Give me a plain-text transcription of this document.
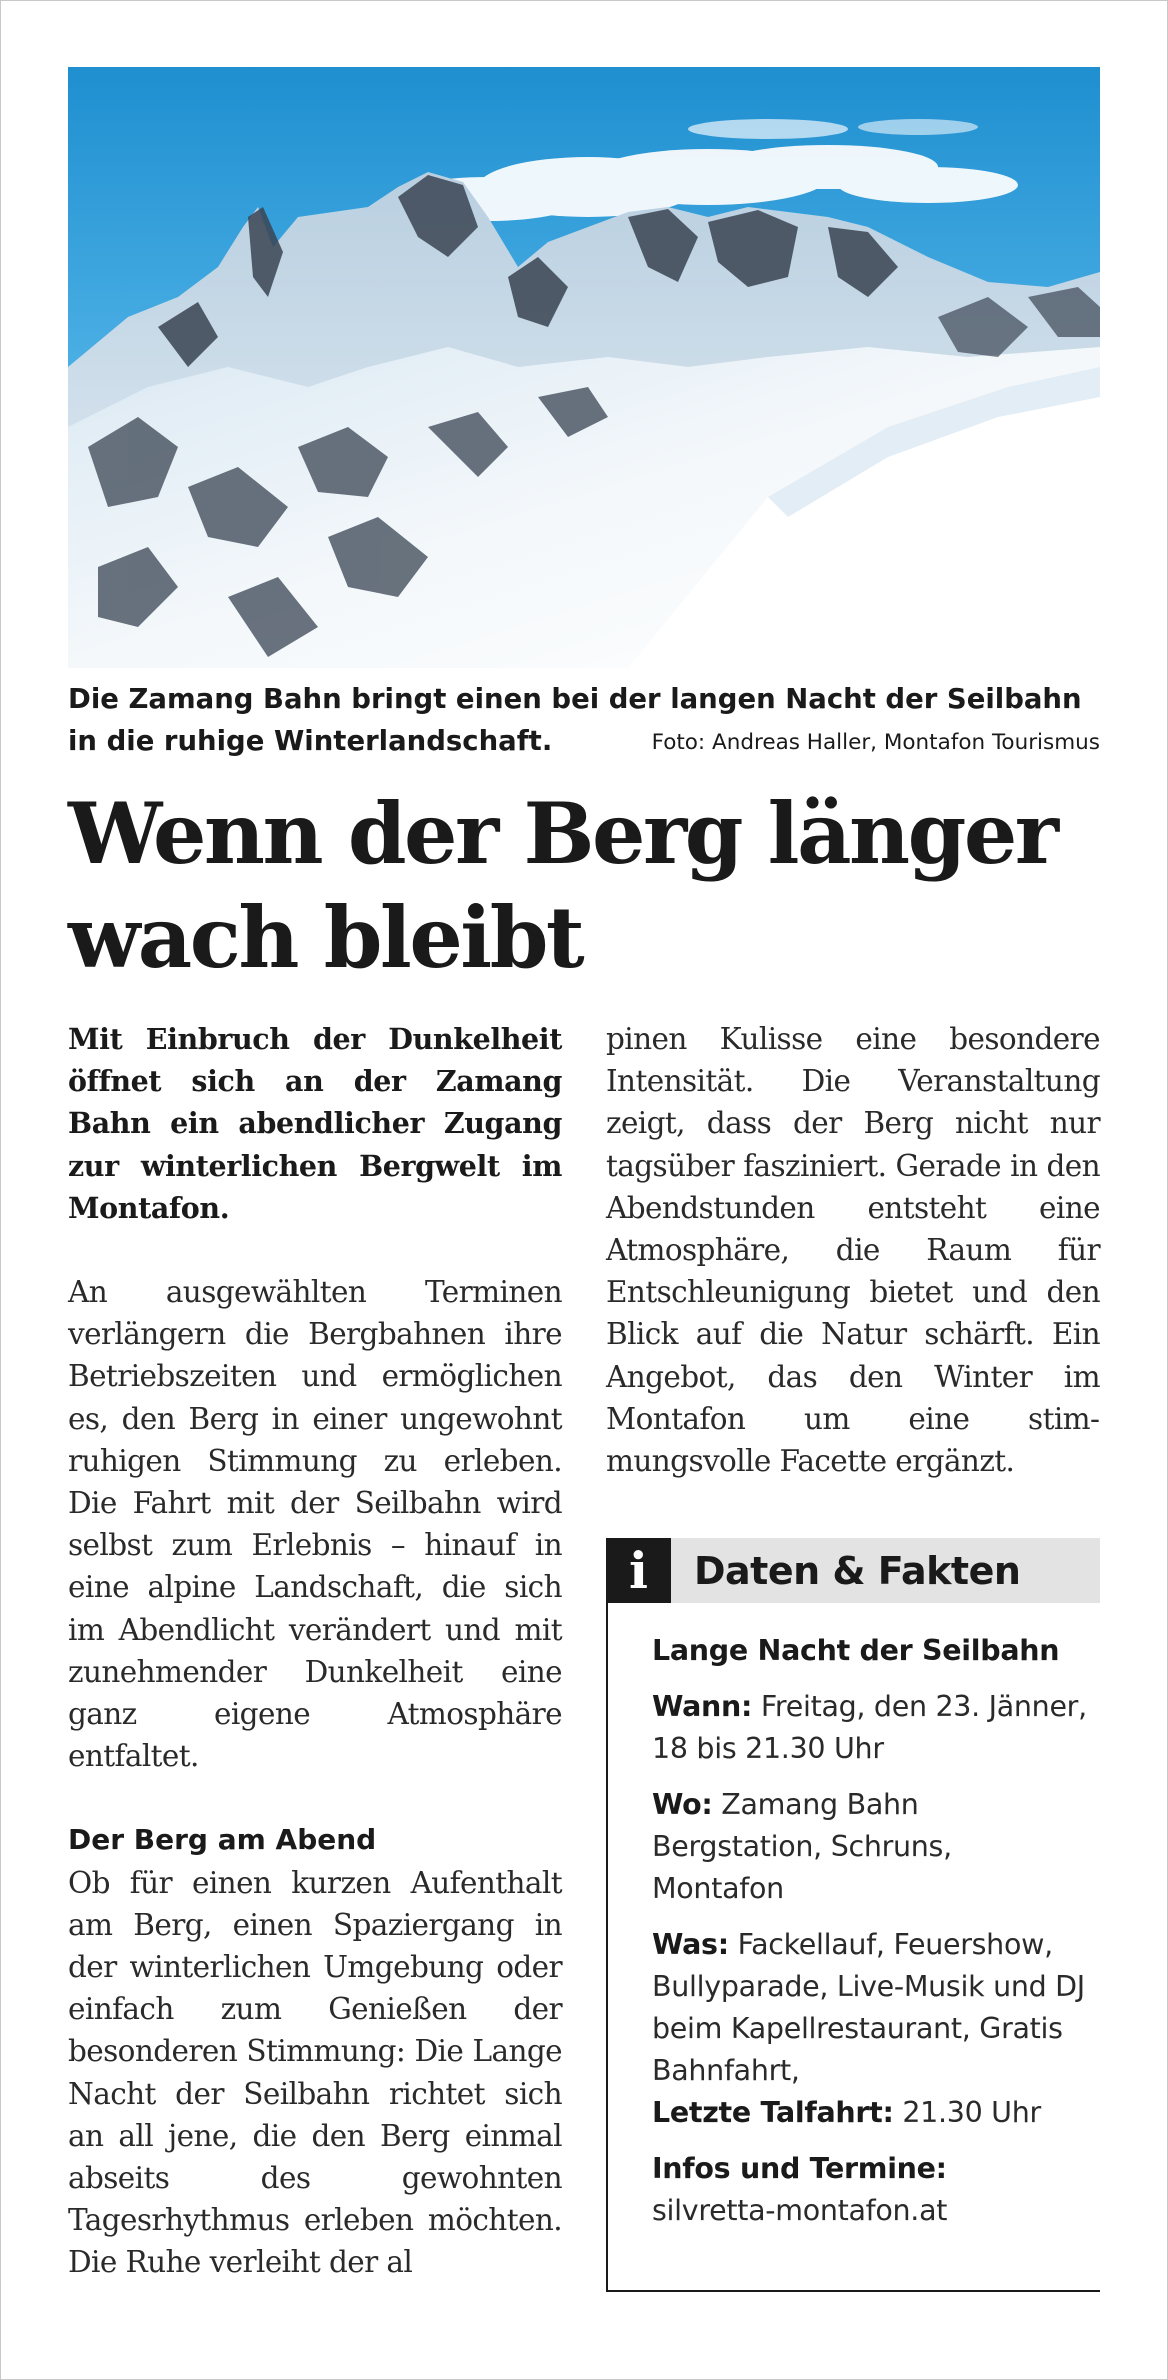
Die Zamang Bahn bringt einen bei der langen Nacht der Seilbahn in die ruhige Winterlandschaft.	Foto: Andreas Haller, Montafon Tourismus
Wenn der Berg länger wach bleibt

Mit Einbruch der Dunkelheit öffnet sich an der Zamang Bahn ein abendlicher Zugang zur winterlichen Bergwelt im Montafon.

An ausgewählten Terminen verlängern die Bergbahnen ihre Betriebszeiten und ermöglichen es, den Berg in einer ungewohnt ruhigen Stimmung zu erleben. Die Fahrt mit der Seilbahn wird selbst zum Erlebnis – hinauf in eine alpine Landschaft, die sich im Abendlicht verändert und mit zunehmender Dunkelheit eine ganz eigene Atmosphäre entfaltet.

Der Berg am Abend

Ob für einen kurzen Aufenthalt am Berg, einen Spaziergang in der winterlichen Umgebung oder einfach zum Genießen der besonderen Stimmung: Die Lange Nacht der Seilbahn richtet sich an all jene, die den Berg einmal abseits des gewohnten Tagesrhythmus erleben möchten. Die Ruhe verleiht der al

pinen Kulisse eine besondere Intensität. Die Veranstaltung zeigt, dass der Berg nicht nur tagsüber fasziniert. Gerade in den Abendstunden entsteht eine Atmosphäre, die Raum für Entschleunigung bietet und den Blick auf die Natur schärft. Ein Angebot, das den Winter im Montafon um eine stimmungsvolle Facette ergänzt.

i	Daten & Fakten

Lange Nacht der Seilbahn

Wann: Freitag, den 23. Jänner, 18 bis 21.30 Uhr

Wo: Zamang Bahn Bergstation, Schruns, Montafon

Was: Fackellauf, Feuershow, Bullyparade, Live-Musik und DJ beim Kapellrestaurant, Gratis Bahnfahrt,
Letzte Talfahrt: 21.30 Uhr

Infos und Termine:
silvretta-montafon.at
